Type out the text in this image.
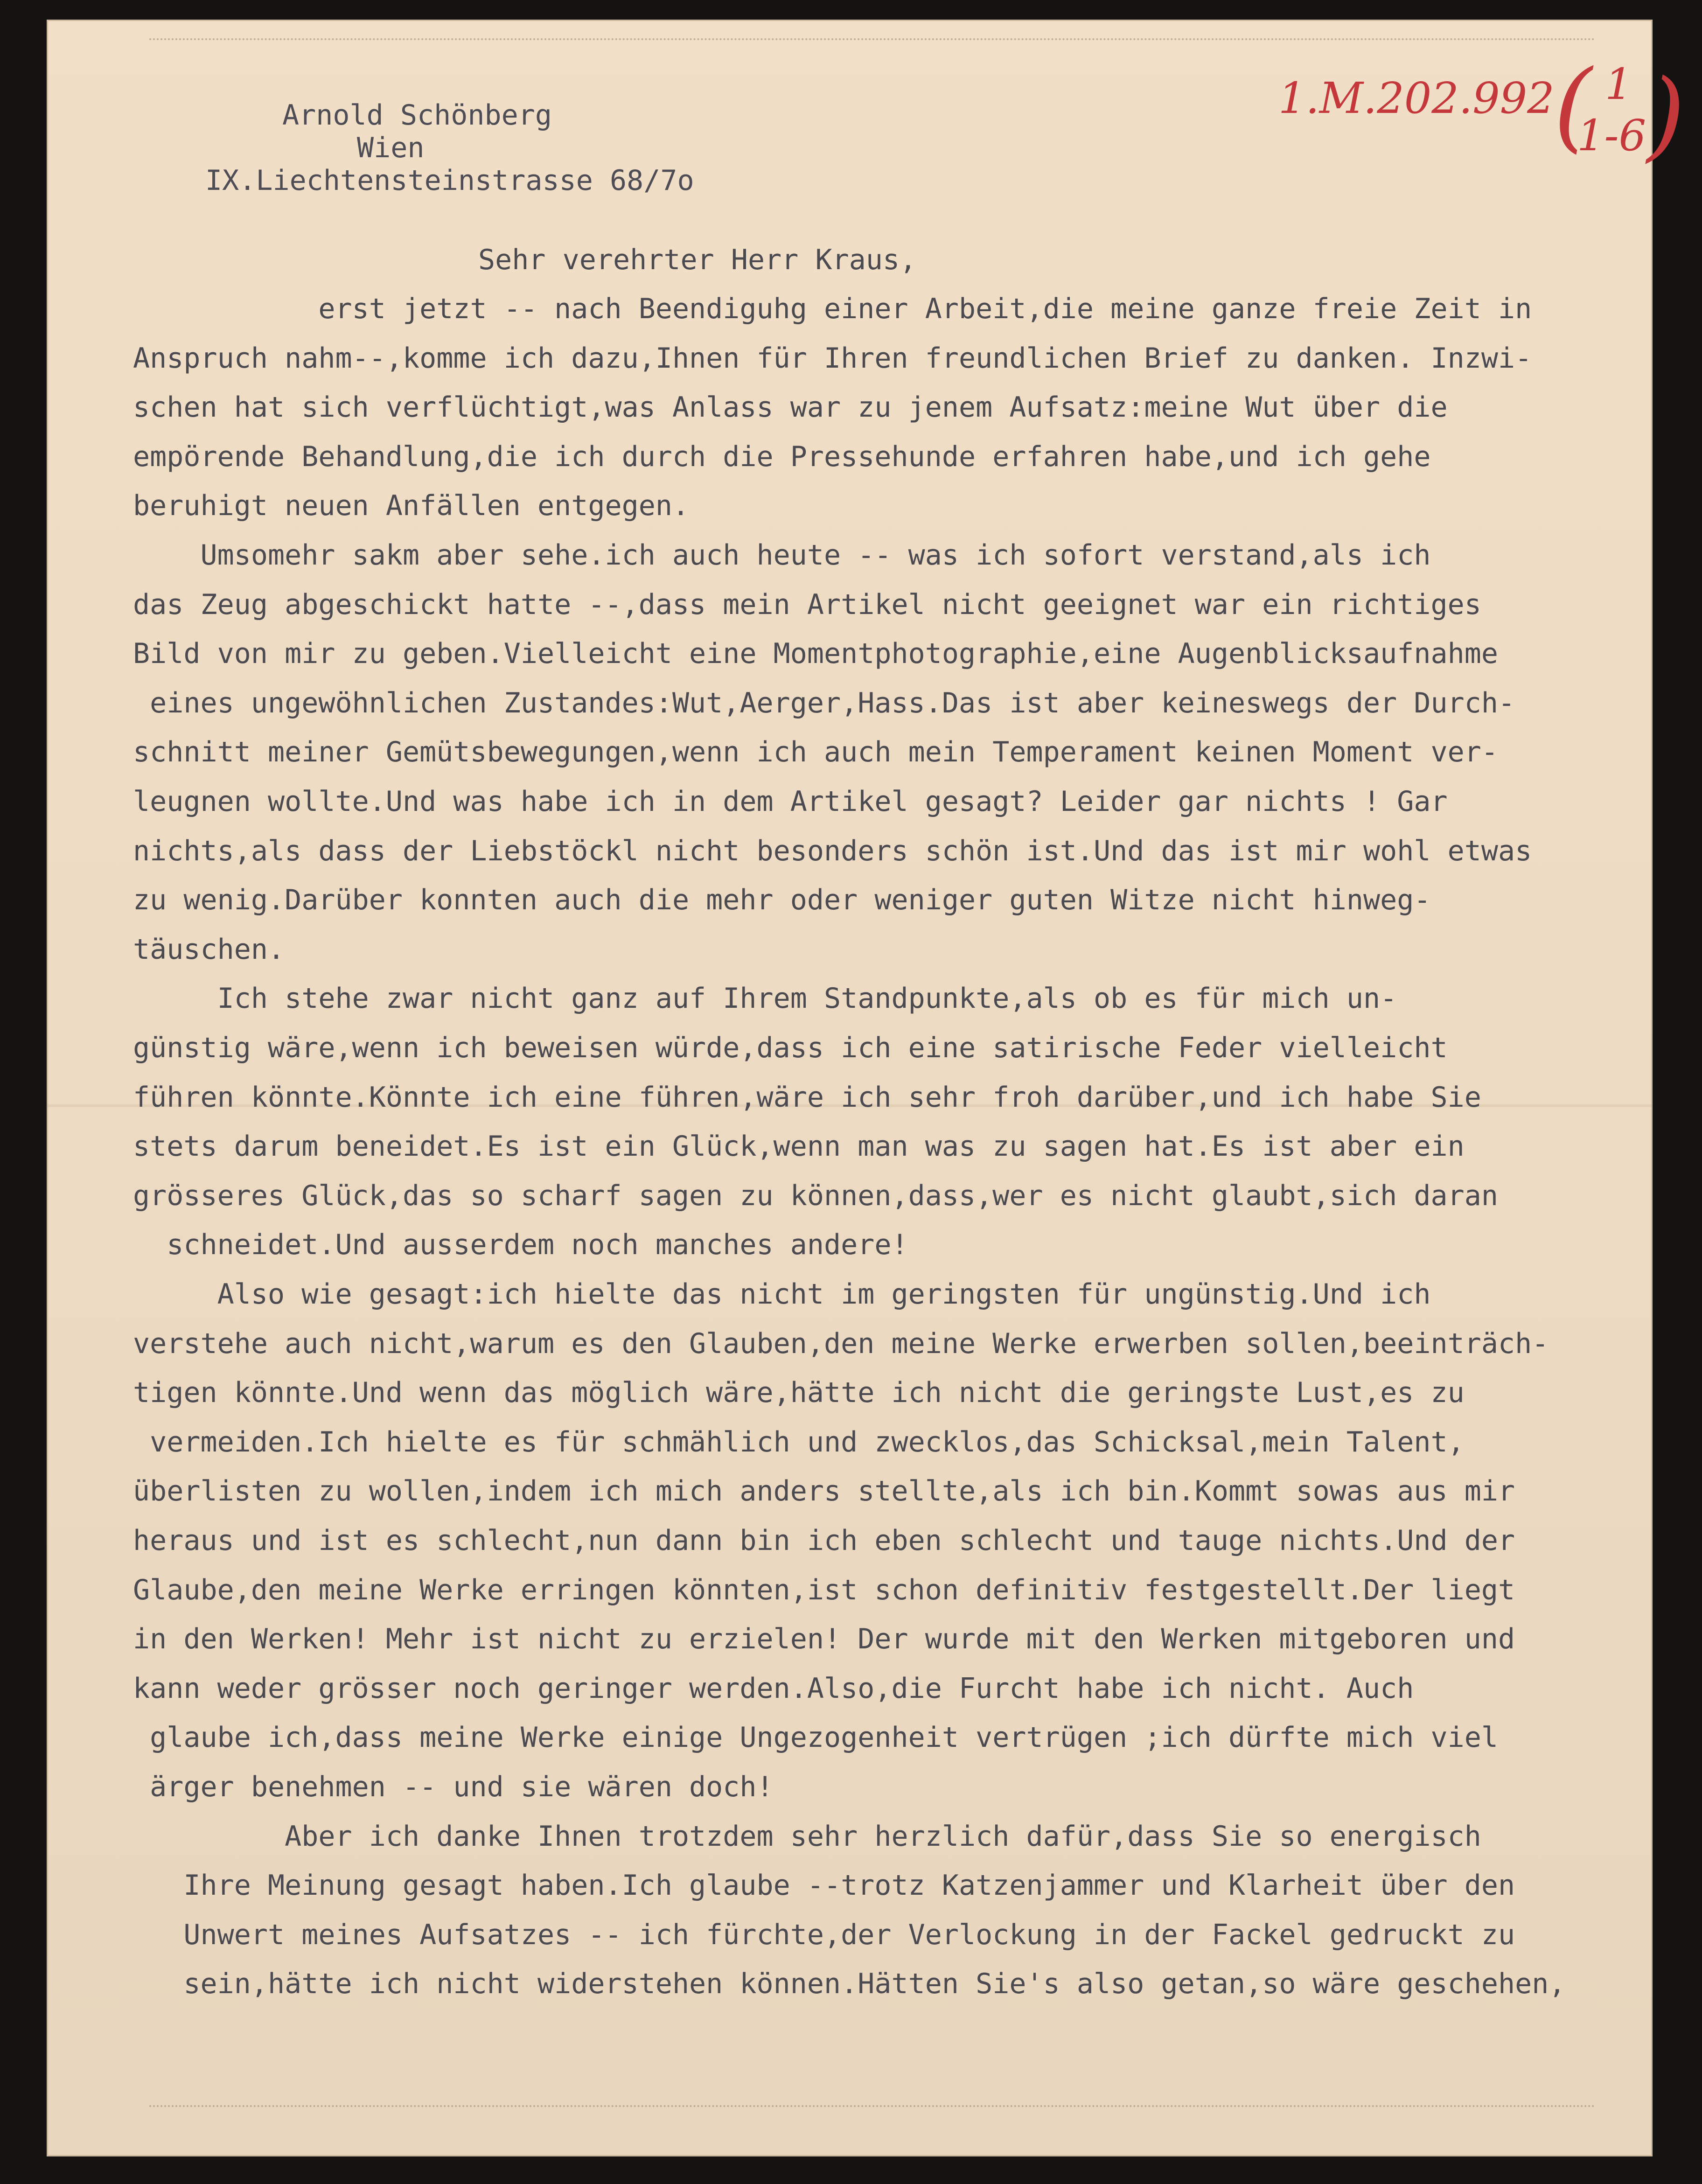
1.M.202.992
( 1
1-6 )
Arnold Schönberg
Wien
IX.Liechtensteinstrasse 68/7o
Sehr verehrter Herr Kraus,
erst jetzt -- nach Beendiguhg einer Arbeit,die meine ganze freie Zeit in
Anspruch nahm--,komme ich dazu,Ihnen für Ihren freundlichen Brief zu danken. Inzwi-
schen hat sich verflüchtigt,was Anlass war zu jenem Aufsatz:meine Wut über die
empörende Behandlung,die ich durch die Pressehunde erfahren habe,und ich gehe
beruhigt neuen Anfällen entgegen.
Umsomehr sakm aber sehe.ich auch heute -- was ich sofort verstand,als ich
das Zeug abgeschickt hatte --,dass mein Artikel nicht geeignet war ein richtiges
Bild von mir zu geben.Vielleicht eine Momentphotographie,eine Augenblicksaufnahme
eines ungewöhnlichen Zustandes:Wut,Aerger,Hass.Das ist aber keineswegs der Durch-
schnitt meiner Gemütsbewegungen,wenn ich auch mein Temperament keinen Moment ver-
leugnen wollte.Und was habe ich in dem Artikel gesagt? Leider gar nichts ! Gar
nichts,als dass der Liebstöckl nicht besonders schön ist.Und das ist mir wohl etwas
zu wenig.Darüber konnten auch die mehr oder weniger guten Witze nicht hinweg-
täuschen.
Ich stehe zwar nicht ganz auf Ihrem Standpunkte,als ob es für mich un-
günstig wäre,wenn ich beweisen würde,dass ich eine satirische Feder vielleicht
führen könnte.Könnte ich eine führen,wäre ich sehr froh darüber,und ich habe Sie
stets darum beneidet.Es ist ein Glück,wenn man was zu sagen hat.Es ist aber ein
grösseres Glück,das so scharf sagen zu können,dass,wer es nicht glaubt,sich daran
schneidet.Und ausserdem noch manches andere!
Also wie gesagt:ich hielte das nicht im geringsten für ungünstig.Und ich
verstehe auch nicht,warum es den Glauben,den meine Werke erwerben sollen,beeinträch-
tigen könnte.Und wenn das möglich wäre,hätte ich nicht die geringste Lust,es zu
vermeiden.Ich hielte es für schmählich und zwecklos,das Schicksal,mein Talent,
überlisten zu wollen,indem ich mich anders stellte,als ich bin.Kommt sowas aus mir
heraus und ist es schlecht,nun dann bin ich eben schlecht und tauge nichts.Und der
Glaube,den meine Werke erringen könnten,ist schon definitiv festgestellt.Der liegt
in den Werken! Mehr ist nicht zu erzielen! Der wurde mit den Werken mitgeboren und
kann weder grösser noch geringer werden.Also,die Furcht habe ich nicht. Auch
glaube ich,dass meine Werke einige Ungezogenheit vertrügen ;ich dürfte mich viel
ärger benehmen -- und sie wären doch!
Aber ich danke Ihnen trotzdem sehr herzlich dafür,dass Sie so energisch
Ihre Meinung gesagt haben.Ich glaube --trotz Katzenjammer und Klarheit über den
Unwert meines Aufsatzes -- ich fürchte,der Verlockung in der Fackel gedruckt zu
sein,hätte ich nicht widerstehen können.Hätten Sie's also getan,so wäre geschehen,
